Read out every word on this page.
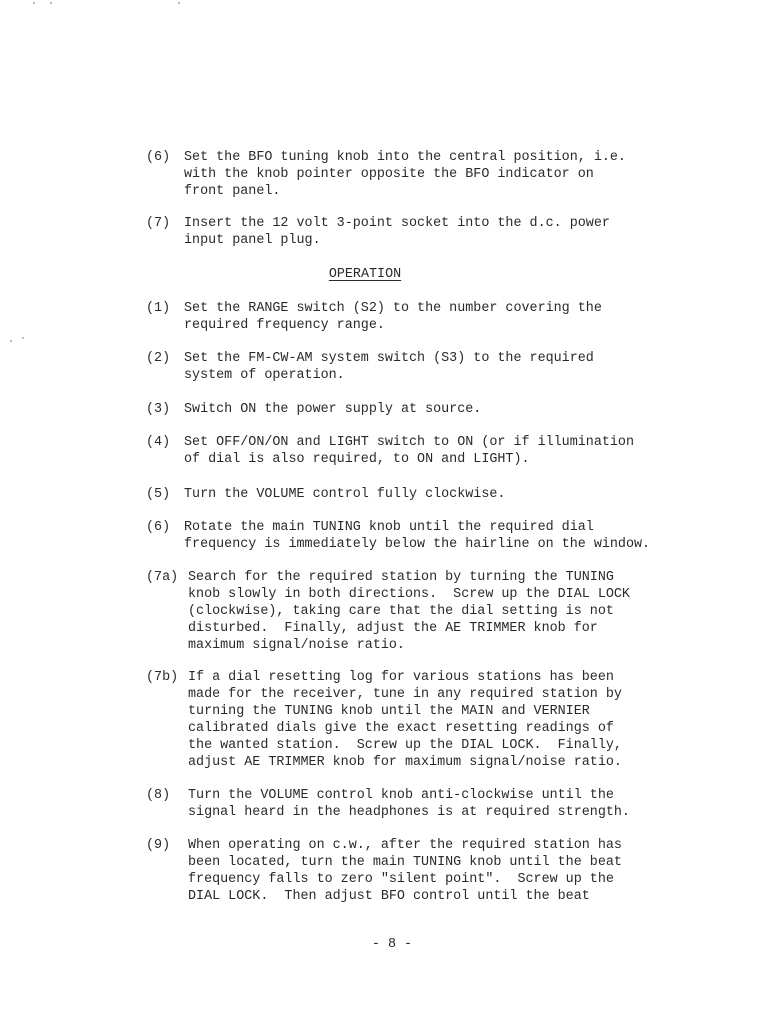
(6)	Set the BFO tuning knob into the central position, i.e.
with the knob pointer opposite the BFO indicator on
front panel.
(7)	Insert the 12 volt 3-point socket into the d.c. power
input panel plug.
OPERATION
(1)	Set the RANGE switch (S2) to the number covering the
required frequency range.
(2)	Set the FM-CW-AM system switch (S3) to the required
system of operation.
(3)	Switch ON the power supply at source.
(4)	Set OFF/ON/ON and LIGHT switch to ON (or if illumination
of dial is also required, to ON and LIGHT).
(5)	Turn the VOLUME control fully clockwise.
(6)	Rotate the main TUNING knob until the required dial
frequency is immediately below the hairline on the window.
(7a) Search for the required station by turning the TUNING
knob slowly in both directions.  Screw up the DIAL LOCK
(clockwise), taking care that the dial setting is not
disturbed.  Finally, adjust the AE TRIMMER knob for
maximum signal/noise ratio.
(7b) If a dial resetting log for various stations has been
made for the receiver, tune in any required station by
turning the TUNING knob until the MAIN and VERNIER
calibrated dials give the exact resetting readings of
the wanted station.  Screw up the DIAL LOCK.  Finally,
adjust AE TRIMMER knob for maximum signal/noise ratio.
(8)	Turn the VOLUME control knob anti-clockwise until the
signal heard in the headphones is at required strength.
(9)	When operating on c.w., after the required station has
been located, turn the main TUNING knob until the beat
frequency falls to zero "silent point".  Screw up the
DIAL LOCK.  Then adjust BFO control until the beat
- 8 -
